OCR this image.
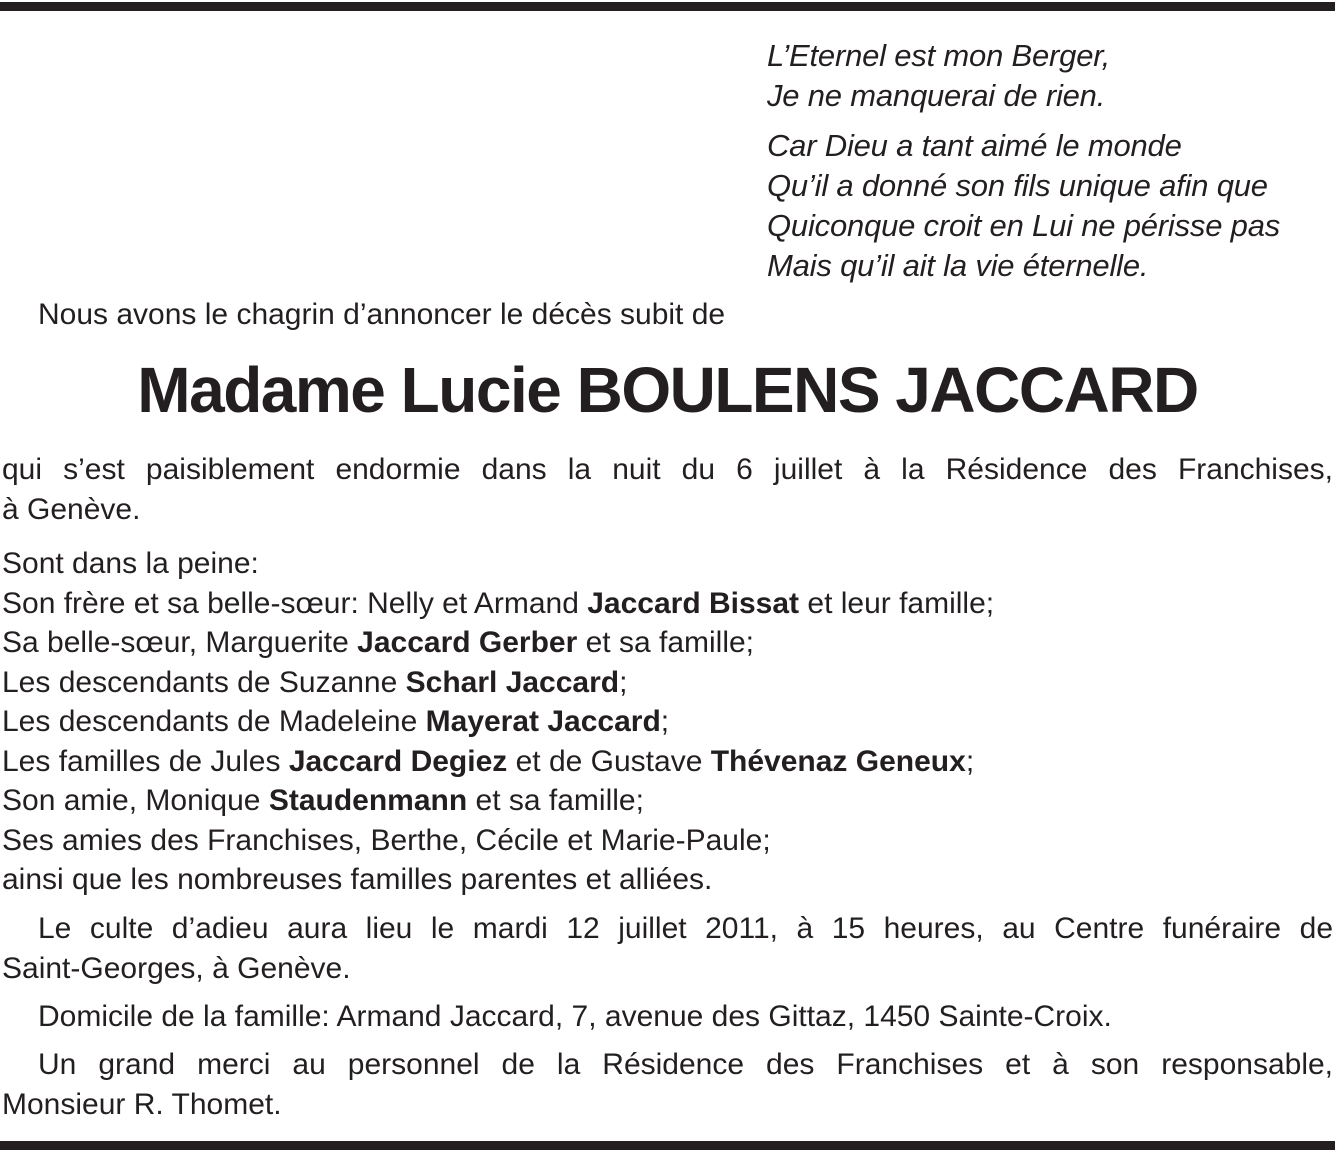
L’Eternel est mon Berger,
Je ne manquerai de rien.
Car Dieu a tant aimé le monde
Qu’il a donné son fils unique afin que
Quiconque croit en Lui ne périsse pas
Mais qu’il ait la vie éternelle.
Nous avons le chagrin d’annoncer le décès subit de
Madame Lucie BOULENS JACCARD
qui s’est paisiblement endormie dans la nuit du 6 juillet à la Résidence des Franchises,
à Genève.
Sont dans la peine:
Son frère et sa belle-sœur: Nelly et Armand Jaccard Bissat et leur famille;
Sa belle-sœur, Marguerite Jaccard Gerber et sa famille;
Les descendants de Suzanne Scharl Jaccard;
Les descendants de Madeleine Mayerat Jaccard;
Les familles de Jules Jaccard Degiez et de Gustave Thévenaz Geneux;
Son amie, Monique Staudenmann et sa famille;
Ses amies des Franchises, Berthe, Cécile et Marie-Paule;
ainsi que les nombreuses familles parentes et alliées.
Le culte d’adieu aura lieu le mardi 12 juillet 2011, à 15 heures, au Centre funéraire de
Saint-Georges, à Genève.
Domicile de la famille: Armand Jaccard, 7, avenue des Gittaz, 1450 Sainte-Croix.
Un grand merci au personnel de la Résidence des Franchises et à son responsable,
Monsieur R. Thomet.
